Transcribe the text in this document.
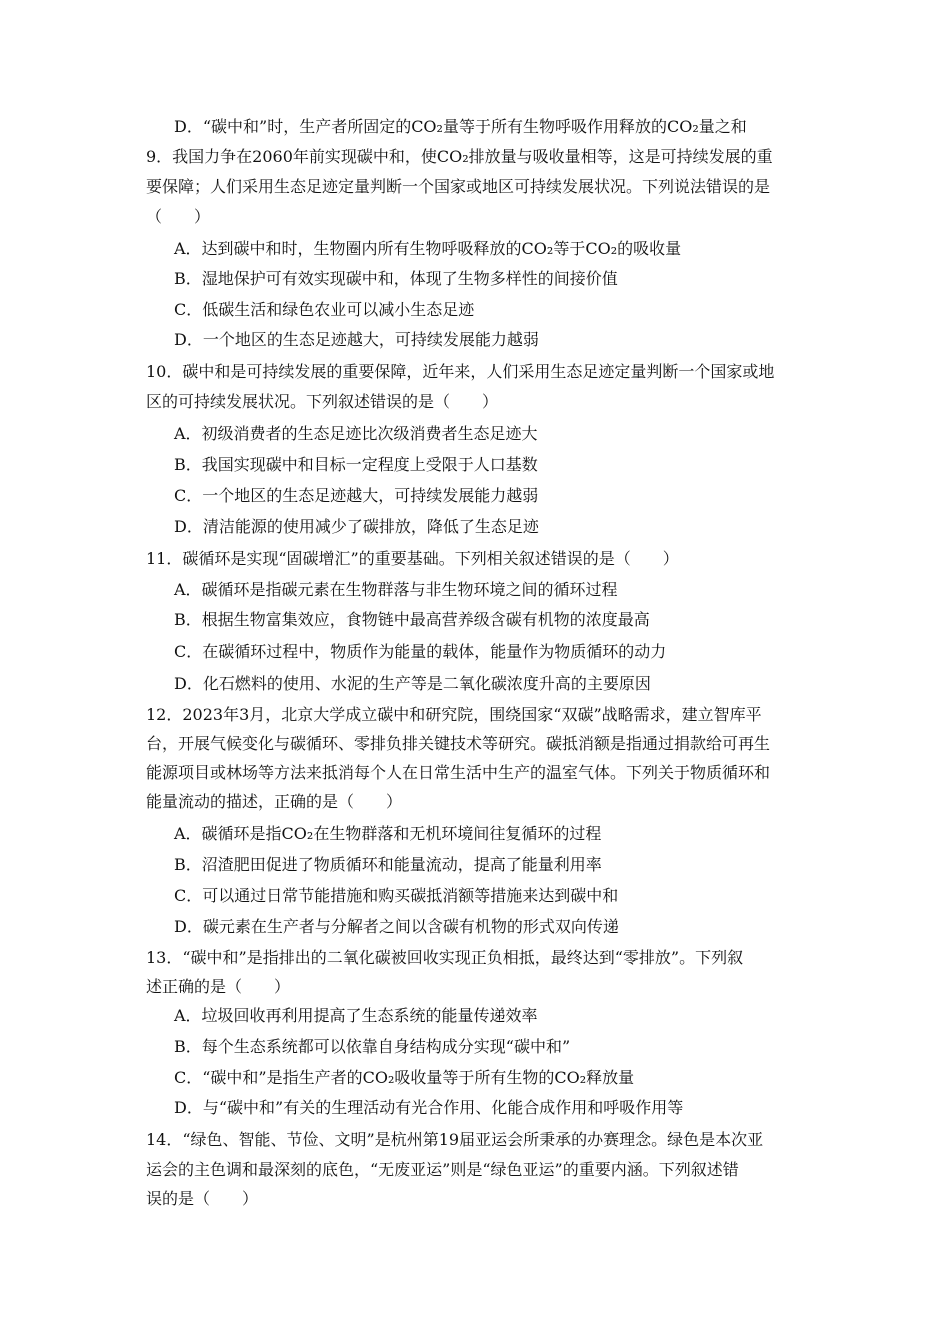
D．“碳中和”时，生产者所固定的CO₂量等于所有生物呼吸作用释放的CO₂量之和
9．我国力争在2060年前实现碳中和，使CO₂排放量与吸收量相等，这是可持续发展的重
要保障；人们采用生态足迹定量判断一个国家或地区可持续发展状况。下列说法错误的是
（　　）
A．达到碳中和时，生物圈内所有生物呼吸释放的CO₂等于CO₂的吸收量
B．湿地保护可有效实现碳中和，体现了生物多样性的间接价值
C．低碳生活和绿色农业可以减小生态足迹
D．一个地区的生态足迹越大，可持续发展能力越弱
10．碳中和是可持续发展的重要保障，近年来，人们采用生态足迹定量判断一个国家或地
区的可持续发展状况。下列叙述错误的是（　　）
A．初级消费者的生态足迹比次级消费者生态足迹大
B．我国实现碳中和目标一定程度上受限于人口基数
C．一个地区的生态足迹越大，可持续发展能力越弱
D．清洁能源的使用减少了碳排放，降低了生态足迹
11．碳循环是实现“固碳增汇”的重要基础。下列相关叙述错误的是（　　）
A．碳循环是指碳元素在生物群落与非生物环境之间的循环过程
B．根据生物富集效应，食物链中最高营养级含碳有机物的浓度最高
C．在碳循环过程中，物质作为能量的载体，能量作为物质循环的动力
D．化石燃料的使用、水泥的生产等是二氧化碳浓度升高的主要原因
12．2023年3月，北京大学成立碳中和研究院，围绕国家“双碳”战略需求，建立智库平
台，开展气候变化与碳循环、零排负排关键技术等研究。碳抵消额是指通过捐款给可再生
能源项目或林场等方法来抵消每个人在日常生活中生产的温室气体。下列关于物质循环和
能量流动的描述，正确的是（　　）
A．碳循环是指CO₂在生物群落和无机环境间往复循环的过程
B．沼渣肥田促进了物质循环和能量流动，提高了能量利用率
C．可以通过日常节能措施和购买碳抵消额等措施来达到碳中和
D．碳元素在生产者与分解者之间以含碳有机物的形式双向传递
13．“碳中和”是指排出的二氧化碳被回收实现正负相抵，最终达到“零排放”。下列叙
述正确的是（　　）
A．垃圾回收再利用提高了生态系统的能量传递效率
B．每个生态系统都可以依靠自身结构成分实现“碳中和”
C．“碳中和”是指生产者的CO₂吸收量等于所有生物的CO₂释放量
D．与“碳中和”有关的生理活动有光合作用、化能合成作用和呼吸作用等
14．“绿色、智能、节俭、文明”是杭州第19届亚运会所秉承的办赛理念。绿色是本次亚
运会的主色调和最深刻的底色，“无废亚运”则是“绿色亚运”的重要内涵。下列叙述错
误的是（　　）
